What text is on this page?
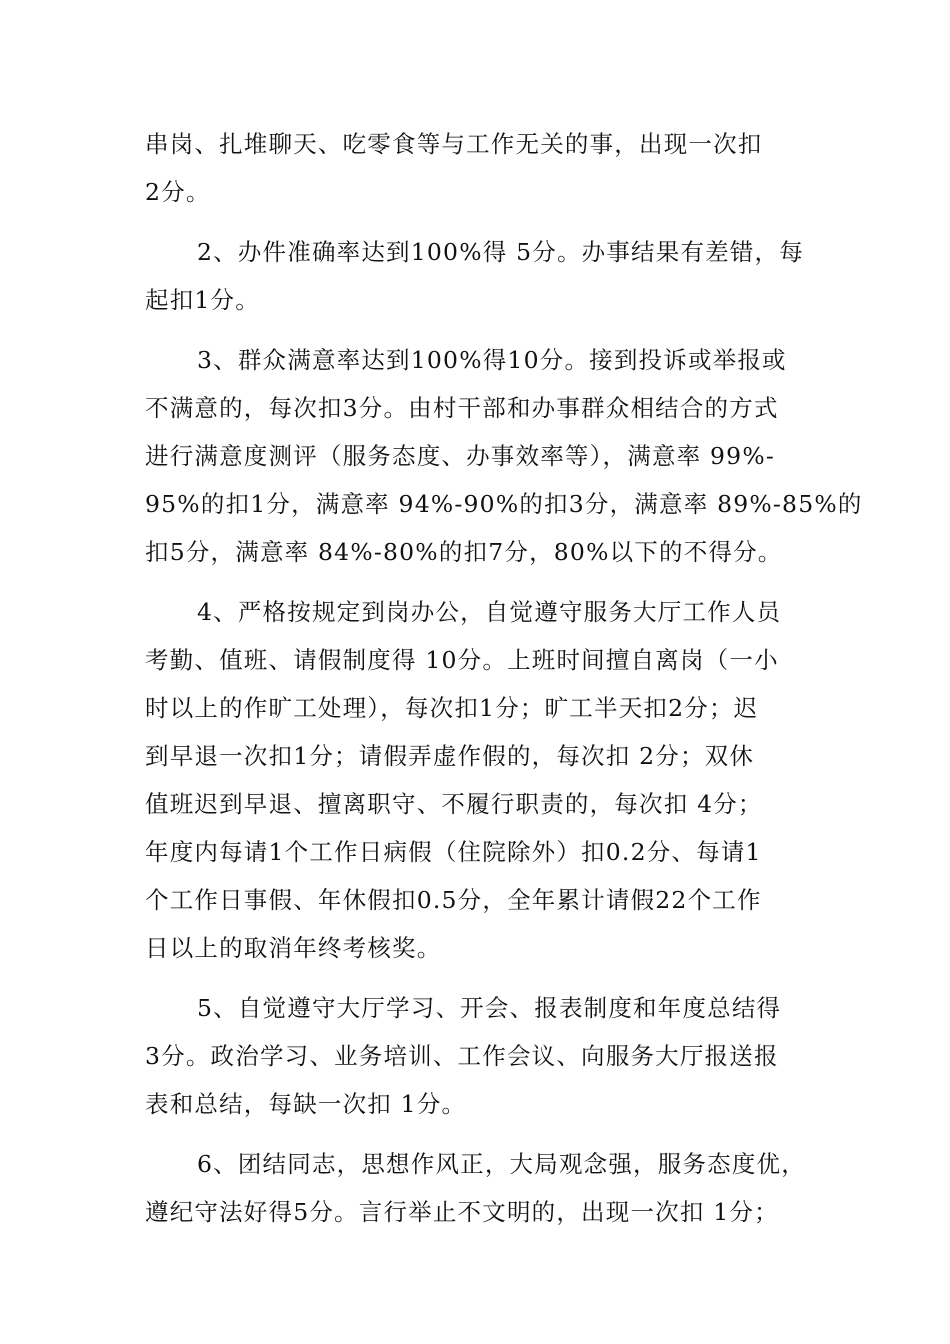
串岗、扎堆聊天、吃零食等与工作无关的事，出现一次扣
2分。
2、办件准确率达到100%得 5分。办事结果有差错，每
起扣1分。
3、群众满意率达到100%得10分。接到投诉或举报或
不满意的，每次扣3分。由村干部和办事群众相结合的方式
进行满意度测评（服务态度、办事效率等），满意率 99%-
95%的扣1分，满意率 94%-90%的扣3分，满意率 89%-85%的
扣5分，满意率 84%-80%的扣7分，80%以下的不得分。
4、严格按规定到岗办公，自觉遵守服务大厅工作人员
考勤、值班、请假制度得 10分。上班时间擅自离岗（一小
时以上的作旷工处理），每次扣1分；旷工半天扣2分；迟
到早退一次扣1分；请假弄虚作假的，每次扣 2分；双休
值班迟到早退、擅离职守、不履行职责的，每次扣 4分；
年度内每请1个工作日病假（住院除外）扣0.2分、每请1
个工作日事假、年休假扣0.5分，全年累计请假22个工作
日以上的取消年终考核奖。
5、自觉遵守大厅学习、开会、报表制度和年度总结得
3分。政治学习、业务培训、工作会议、向服务大厅报送报
表和总结，每缺一次扣 1分。
6、团结同志，思想作风正，大局观念强，服务态度优，
遵纪守法好得5分。言行举止不文明的，出现一次扣 1分；
